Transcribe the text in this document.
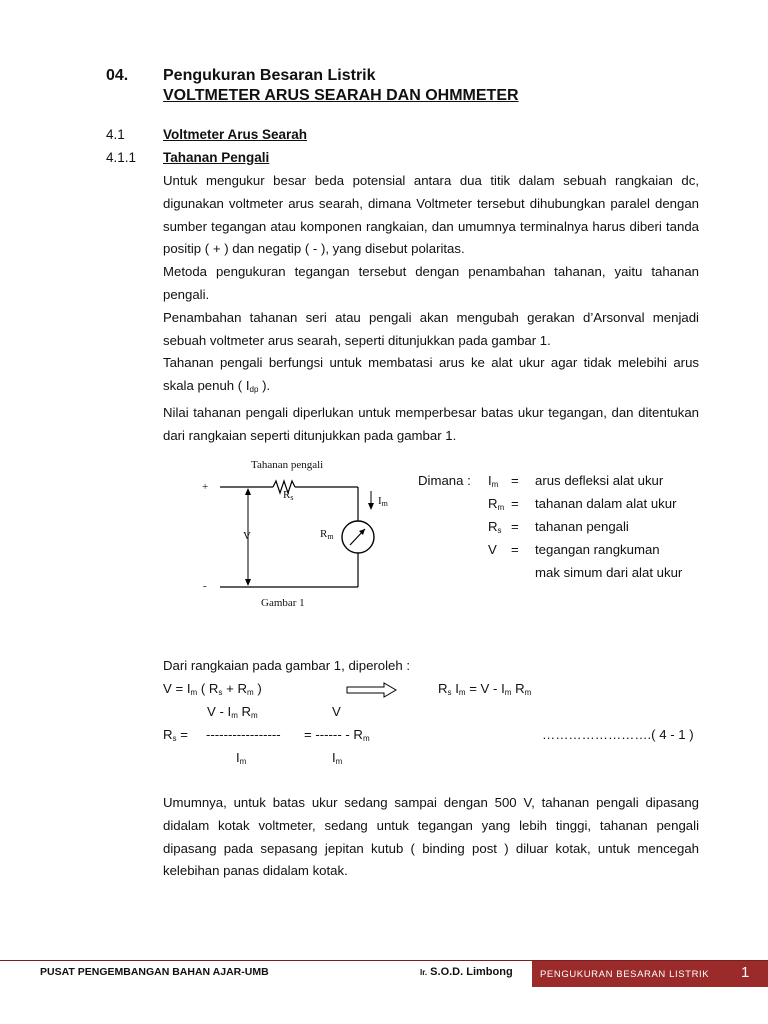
04. Pengukuran Besaran Listrik
VOLTMETER ARUS SEARAH DAN OHMMETER
4.1	Voltmeter Arus Searah
4.1.1 Tahanan Pengali

Untuk mengukur besar beda potensial antara dua titik dalam sebuah rangkaian dc, digunakan voltmeter arus searah, dimana Voltmeter tersebut dihubungkan paralel dengan sumber tegangan atau komponen rangkaian, dan umumnya terminalnya harus diberi tanda positip ( + ) dan negatip ( - ), yang disebut polaritas.

Metoda pengukuran tegangan tersebut dengan penambahan tahanan, yaitu tahanan pengali.

Penambahan tahanan seri atau pengali akan mengubah gerakan d’Arsonval menjadi sebuah voltmeter arus searah, seperti ditunjukkan pada gambar 1.

Tahanan pengali berfungsi untuk membatasi arus ke alat ukur agar tidak melebihi arus skala penuh ( $I_{dp}$ ).

Nilai tahanan pengali diperlukan untuk memperbesar batas ukur tegangan, dan ditentukan dari rangkaian seperti ditunjukkan pada gambar 1.

Tahanan pengali
+
-
V
$R_s$
$R_m$
$I_m$
Gambar 1
Dimana : $I_m$ = arus defleksi alat ukur
$R_m$ = tahanan dalam alat ukur
$R_s$ = tahanan pengali
V = tegangan rangkuman
mak simum dari alat ukur
Dari rangkaian pada gambar 1, diperoleh :
$V = I_m$ ( $R_s + R_m$ )	$R_s$ $I_m = V - I_m$ $R_m$
V - $I_m$ $R_m$	V
$R_s$ = ----------------- = ------ - $R_m$	…………………….( 4 - 1 )
$I_m$	$I_m$
Umumnya, untuk batas ukur sedang sampai dengan 500 V, tahanan pengali dipasang didalam kotak voltmeter, sedang untuk tegangan yang lebih tinggi, tahanan pengali dipasang pada sepasang jepitan kutub ( binding post ) diluar kotak, untuk mencegah kelebihan panas didalam kotak.
PUSAT PENGEMBANGAN BAHAN AJAR-UMB	Ir. S.O.D. Limbong	PENGUKURAN BESARAN LISTRIK 1
